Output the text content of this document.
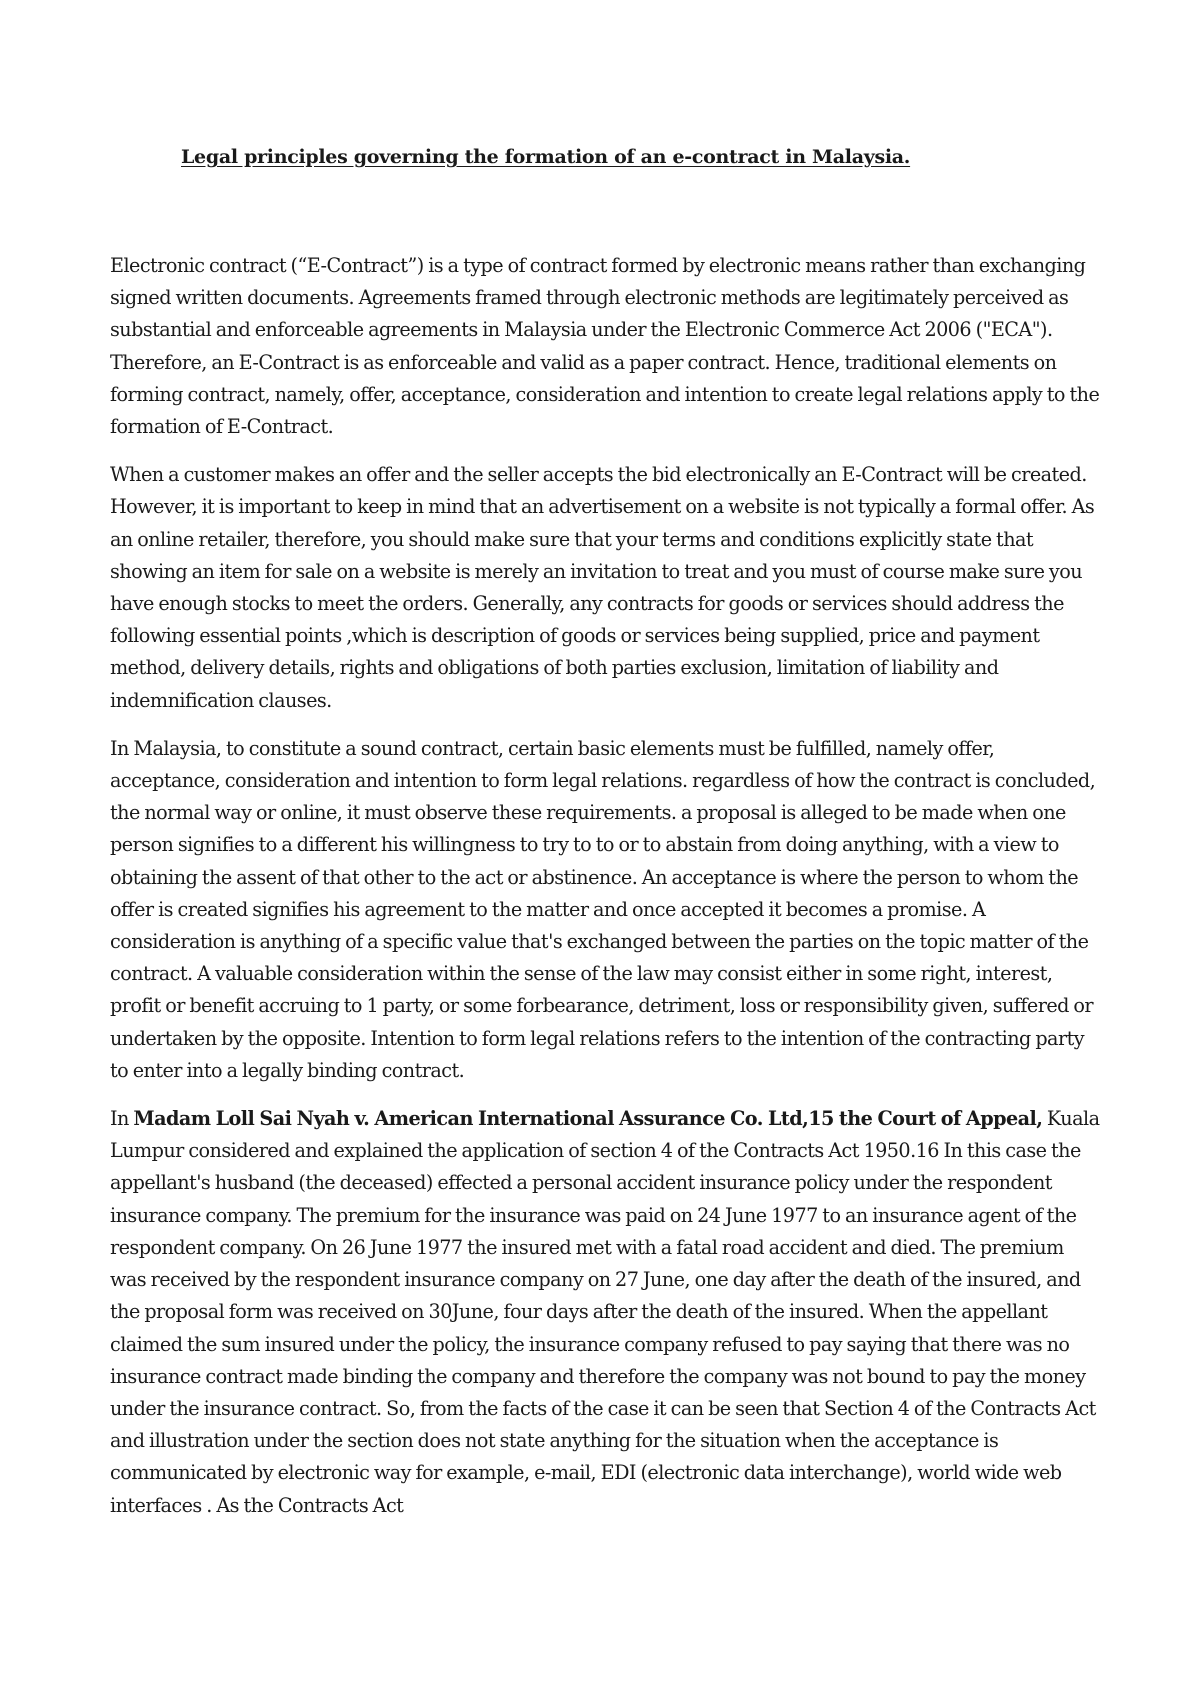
Legal principles governing the formation of an e-contract in Malaysia.

Electronic contract (“E-Contract”) is a type of contract formed by electronic means rather than exchanging signed written documents. Agreements framed through electronic methods are legitimately perceived as substantial and enforceable agreements in Malaysia under the Electronic Commerce Act 2006 ("ECA"). Therefore, an E-Contract is as enforceable and valid as a paper contract. Hence, traditional elements on forming contract, namely, offer, acceptance, consideration and intention to create legal relations apply to the formation of E-Contract.

When a customer makes an offer and the seller accepts the bid electronically an E-Contract will be created. However, it is important to keep in mind that an advertisement on a website is not typically a formal offer. As an online retailer, therefore, you should make sure that your terms and conditions explicitly state that showing an item for sale on a website is merely an invitation to treat and you must of course make sure you have enough stocks to meet the orders. Generally, any contracts for goods or services should address the following essential points ,which is description of goods or services being supplied, price and payment method, delivery details, rights and obligations of both parties exclusion, limitation of liability and indemnification clauses.

In Malaysia, to constitute a sound contract, certain basic elements must be fulfilled, namely offer, acceptance, consideration and intention to form legal relations. regardless of how the contract is concluded, the normal way or online, it must observe these requirements. a proposal is alleged to be made when one person signifies to a different his willingness to try to to or to abstain from doing anything, with a view to obtaining the assent of that other to the act or abstinence. An acceptance is where the person to whom the offer is created signifies his agreement to the matter and once accepted it becomes a promise. A consideration is anything of a specific value that's exchanged between the parties on the topic matter of the contract. A valuable consideration within the sense of the law may consist either in some right, interest, profit or benefit accruing to 1 party, or some forbearance, detriment, loss or responsibility given, suffered or undertaken by the opposite. Intention to form legal relations refers to the intention of the contracting party to enter into a legally binding contract.

In Madam Loll Sai Nyah v. American International Assurance Co. Ltd,15 the Court of Appeal, Kuala Lumpur considered and explained the application of section 4 of the Contracts Act 1950.16 In this case the appellant's husband (the deceased) effected a personal accident insurance policy under the respondent insurance company. The premium for the insurance was paid on 24 June 1977 to an insurance agent of the respondent company. On 26 June 1977 the insured met with a fatal road accident and died. The premium was received by the respondent insurance company on 27 June, one day after the death of the insured, and the proposal form was received on 30June, four days after the death of the insured. When the appellant claimed the sum insured under the policy, the insurance company refused to pay saying that there was no insurance contract made binding the company and therefore the company was not bound to pay the money under the insurance contract. So, from the facts of the case it can be seen that Section 4 of the Contracts Act and illustration under the section does not state anything for the situation when the acceptance is communicated by electronic way for example, e-mail, EDI (electronic data interchange), world wide web interfaces . As the Contracts Act
